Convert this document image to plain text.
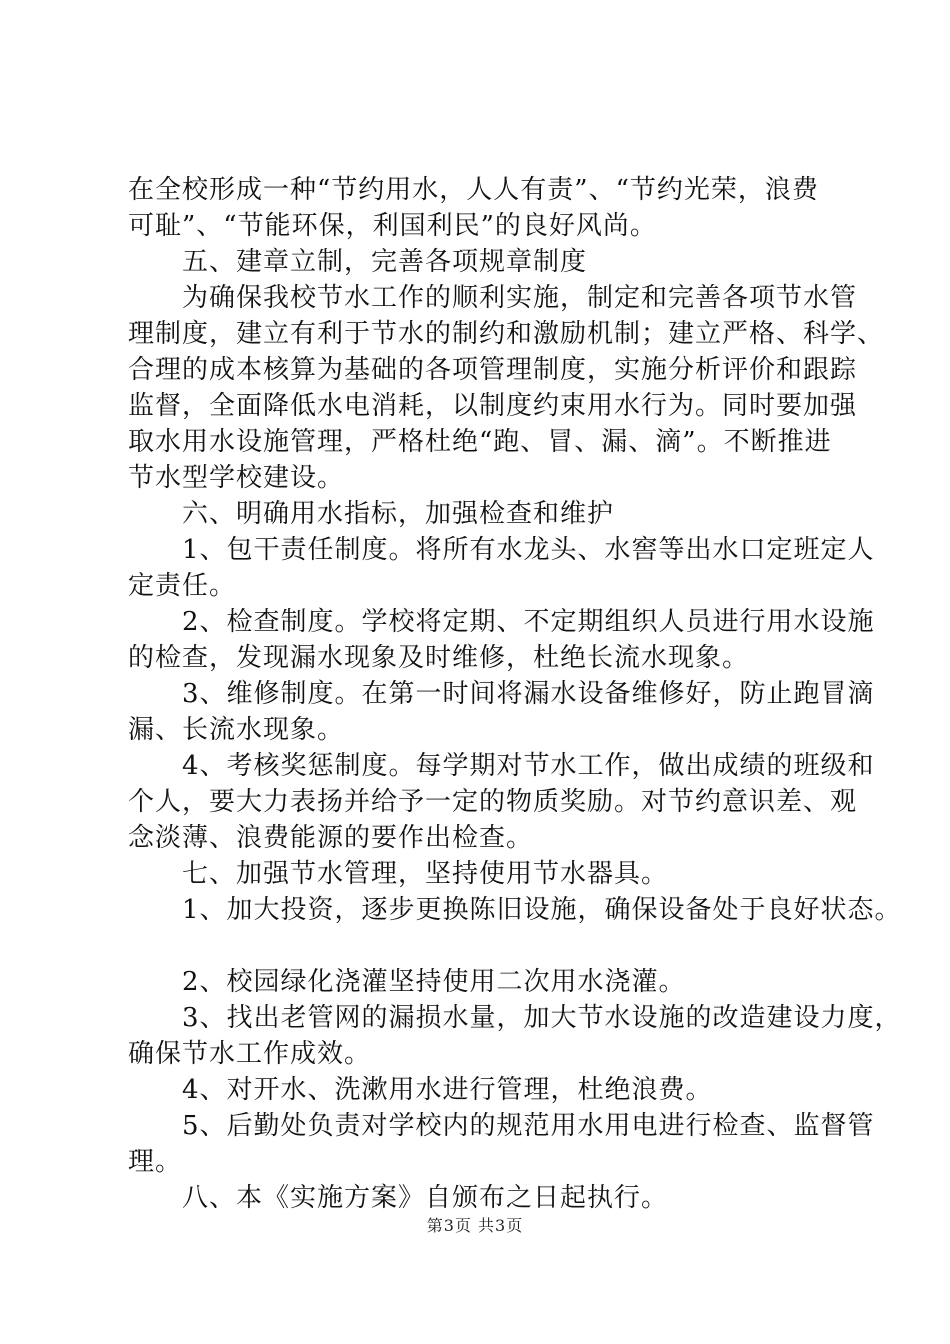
在全校形成一种“节约用水，人人有责”、“节约光荣，浪费
可耻”、“节能环保，利国利民”的良好风尚。
五、建章立制，完善各项规章制度
为确保我校节水工作的顺利实施，制定和完善各项节水管
理制度，建立有利于节水的制约和激励机制；建立严格、科学、
合理的成本核算为基础的各项管理制度，实施分析评价和跟踪
监督，全面降低水电消耗，以制度约束用水行为。同时要加强
取水用水设施管理，严格杜绝“跑、冒、漏、滴”。不断推进
节水型学校建设。
六、明确用水指标，加强检查和维护
1、包干责任制度。将所有水龙头、水窖等出水口定班定人
定责任。
2、检查制度。学校将定期、不定期组织人员进行用水设施
的检查，发现漏水现象及时维修，杜绝长流水现象。
3、维修制度。在第一时间将漏水设备维修好，防止跑冒滴
漏、长流水现象。
4、考核奖惩制度。每学期对节水工作，做出成绩的班级和
个人，要大力表扬并给予一定的物质奖励。对节约意识差、观
念淡薄、浪费能源的要作出检查。
七、加强节水管理，坚持使用节水器具。
1、加大投资，逐步更换陈旧设施，确保设备处于良好状态。
2、校园绿化浇灌坚持使用二次用水浇灌。
3、找出老管网的漏损水量，加大节水设施的改造建设力度，
确保节水工作成效。
4、对开水、洗漱用水进行管理，杜绝浪费。
5、后勤处负责对学校内的规范用水用电进行检查、监督管
理。
八、本《实施方案》自颁布之日起执行。
第3页 共3页
